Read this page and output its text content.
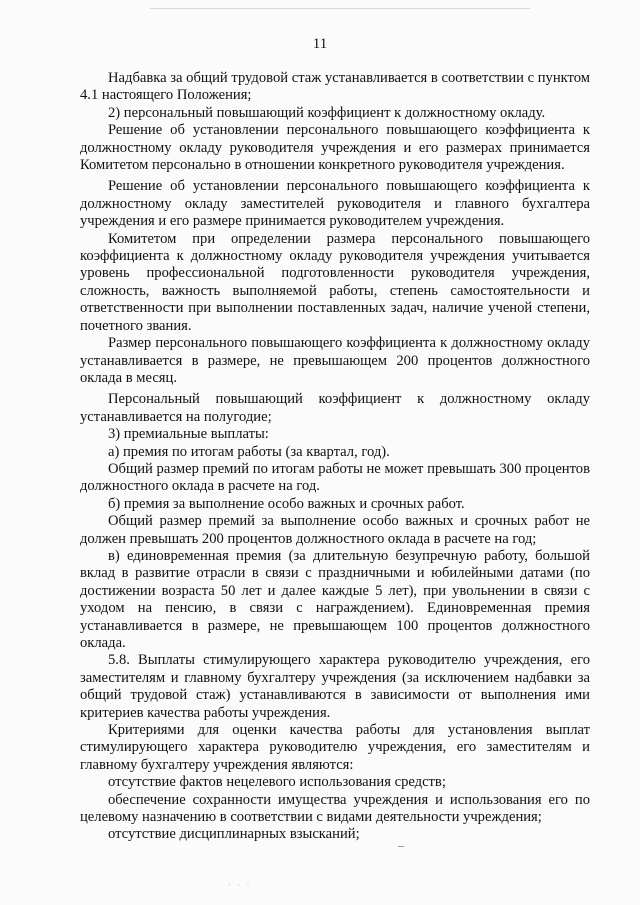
11

Надбавка за общий трудовой стаж устанавливается в соответствии с пунктом 4.1 настоящего Положения;

2) персональный повышающий коэффициент к должностному окладу.

Решение об установлении персонального повышающего коэффициента к должностному окладу руководителя учреждения и его размерах принимается Комитетом персонально в отношении конкретного руководителя учреждения.

Решение об установлении персонального повышающего коэффициента к должностному окладу заместителей руководителя и главного бухгалтера учреждения и его размере принимается руководителем учреждения.

Комитетом при определении размера персонального повышающего коэффициента к должностному окладу руководителя учреждения учитывается уровень профессиональной подготовленности руководителя учреждения, сложность, важность выполняемой работы, степень самостоятельности и ответственности при выполнении поставленных задач, наличие ученой степени, почетного звания.

Размер персонального повышающего коэффициента к должностному окладу устанавливается в размере, не превышающем 200 процентов должностного оклада в месяц.

Персональный повышающий коэффициент к должностному окладу устанавливается на полугодие;

3) премиальные выплаты:

а) премия по итогам работы (за квартал, год).

Общий размер премий по итогам работы не может превышать 300 процентов должностного оклада в расчете на год.

б) премия за выполнение особо важных и срочных работ.

Общий размер премий за выполнение особо важных и срочных работ не должен превышать 200 процентов должностного оклада в расчете на год;

в) единовременная премия (за длительную безупречную работу, большой вклад в развитие отрасли в связи с праздничными и юбилейными датами (по достижении возраста 50 лет и далее каждые 5 лет), при увольнении в связи с уходом на пенсию, в связи с награждением). Единовременная премия устанавливается в размере, не превышающем 100 процентов должностного оклада.

5.8. Выплаты стимулирующего характера руководителю учреждения, его заместителям и главному бухгалтеру учреждения (за исключением надбавки за общий трудовой стаж) устанавливаются в зависимости от выполнения ими критериев качества работы учреждения.

Критериями для оценки качества работы для установления выплат стимулирующего характера руководителю учреждения, его заместителям и главному бухгалтеру учреждения являются:

отсутствие фактов нецелевого использования средств;

обеспечение сохранности имущества учреждения и использования его по целевому назначению в соответствии с видами деятельности учреждения;

отсутствие дисциплинарных взысканий;

· · ·
